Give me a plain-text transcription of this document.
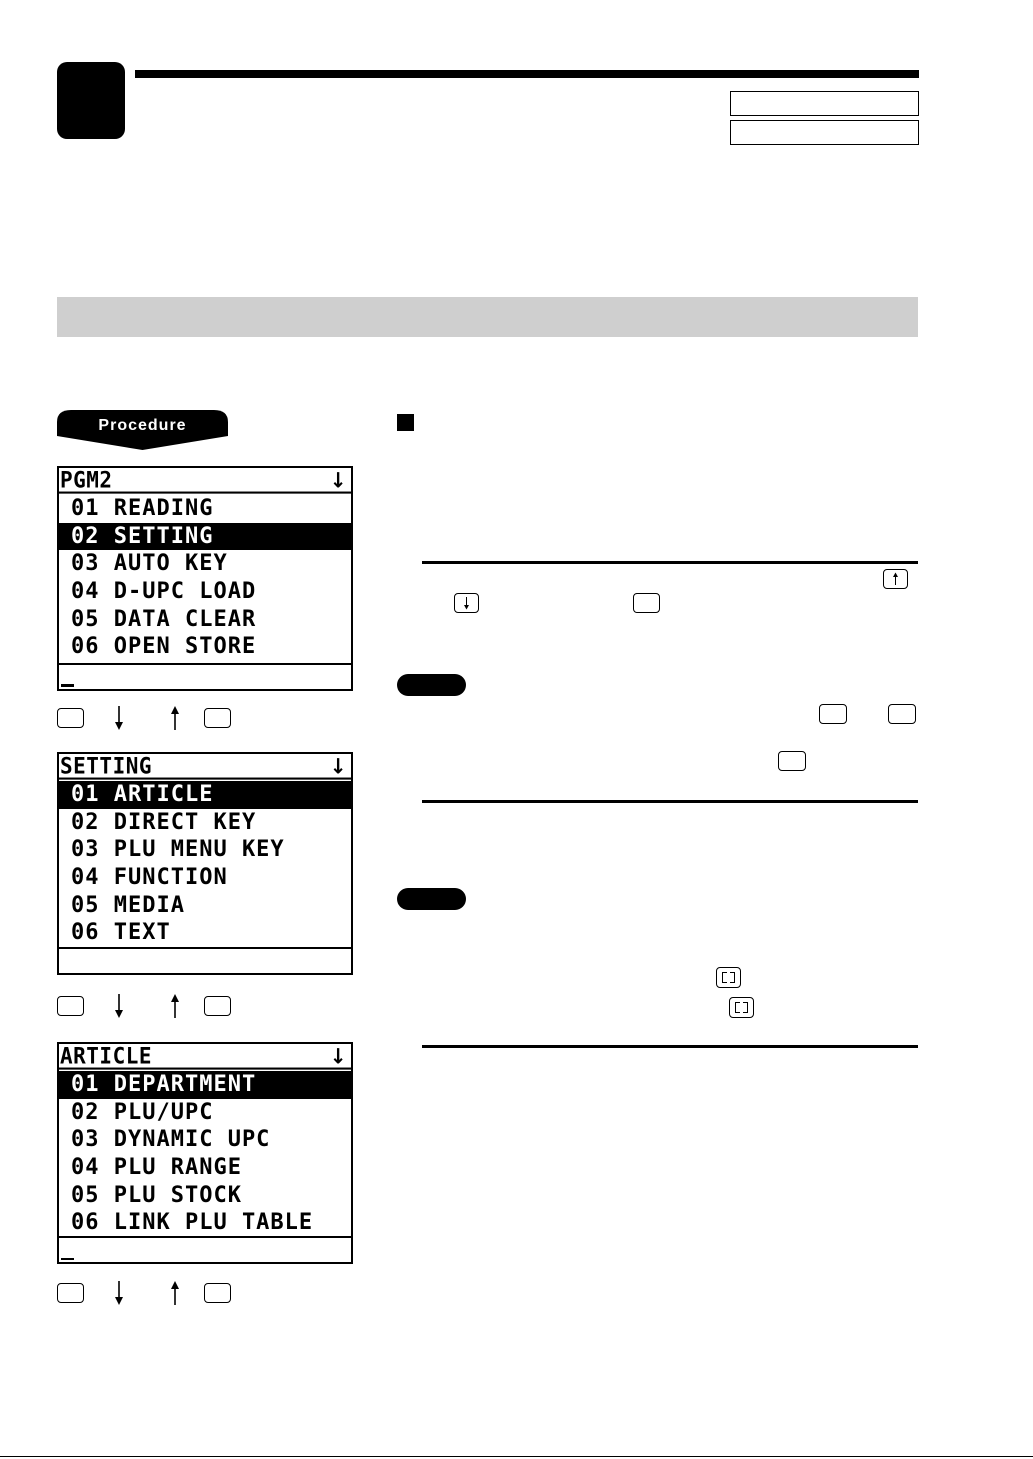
Procedure
PGM2	↓
01 READING
02 SETTING
03 AUTO KEY
04 D-UPC LOAD
05 DATA CLEAR
06 OPEN STORE
SETTING	↓
01 ARTICLE
02 DIRECT KEY
03 PLU MENU KEY
04 FUNCTION
05 MEDIA
06 TEXT
ARTICLE	↓
01 DEPARTMENT
02 PLU/UPC
03 DYNAMIC UPC
04 PLU RANGE
05 PLU STOCK
06 LINK PLU TABLE
